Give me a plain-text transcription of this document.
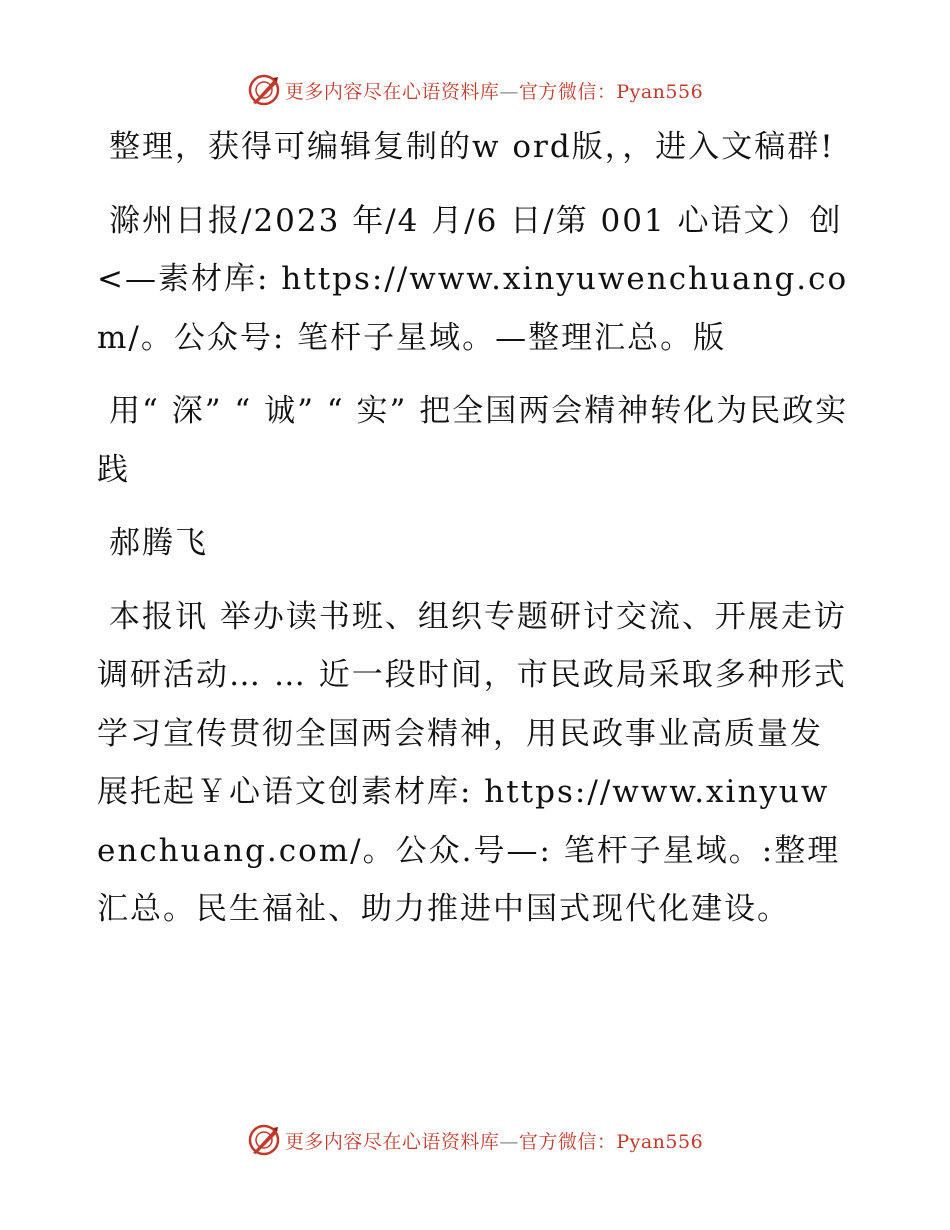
更多内容尽在心语资料库—官方微信：Pyan556

整理，获得可编辑复制的w ord版，，进入文稿群!

滁州日报/2023 年/4 月/6 日/第 001 心语文）创<—素材库: https://www.xinyuwenchuang.com/。公众号: 笔杆子星域。—整理汇总。版

用“ 深” “ 诚” “ 实” 把全国两会精神转化为民政实践

郝腾飞

本报讯 举办读书班、组织专题研讨交流、开展走访调研活动… … 近一段时间，市民政局采取多种形式学习宣传贯彻全国两会精神，用民政事业高质量发展托起￥心语文创素材库: https://www.xinyuwenchuang.com/。公众.号—: 笔杆子星域。:整理汇总。民生福祉、助力推进中国式现代化建设。

更多内容尽在心语资料库—官方微信：Pyan556
